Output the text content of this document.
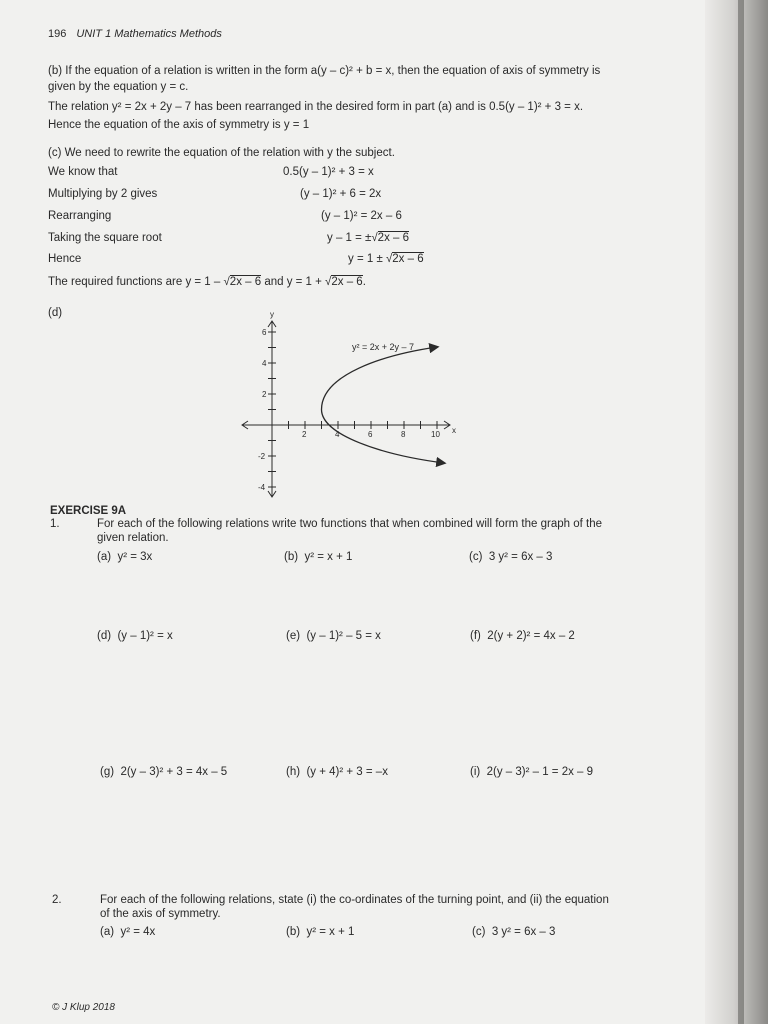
196 UNIT 1 Mathematics Methods
(b) If the equation of a relation is written in the form a(y – c)² + b = x, then the equation of axis of symmetry is
given by the equation y = c.
The relation y² = 2x + 2y – 7 has been rearranged in the desired form in part (a) and is 0.5(y – 1)² + 3 = x.
Hence the equation of the axis of symmetry is y = 1
(c) We need to rewrite the equation of the relation with y the subject.
We know that	0.5(y – 1)² + 3 = x
Multiplying by 2 gives	(y – 1)² + 6 = 2x
Rearranging	(y – 1)² = 2x – 6
Taking the square root	y – 1 = ±√2x – 6
Hence	y = 1 ± √2x – 6
The required functions are y = 1 – √2x – 6 and y = 1 + √2x – 6.
(d)
2	4	6	8	10 x
y
6
4
2
-2
-4
y² = 2x + 2y – 7
EXERCISE 9A
1.	For each of the following relations write two functions that when combined will form the graph of the
given relation.
(a) y² = 3x	(b) y² = x + 1	(c) 3 y² = 6x – 3
(d) (y – 1)² = x	(e) (y – 1)² – 5 = x	(f) 2(y + 2)² = 4x – 2
(g) 2(y – 3)² + 3 = 4x – 5	(h) (y + 4)² + 3 = –x	(i) 2(y – 3)² – 1 = 2x – 9
2.	For each of the following relations, state (i) the co-ordinates of the turning point, and (ii) the equation
of the axis of symmetry.
(a) y² = 4x	(b) y² = x + 1	(c) 3 y² = 6x – 3
© J Klup 2018
